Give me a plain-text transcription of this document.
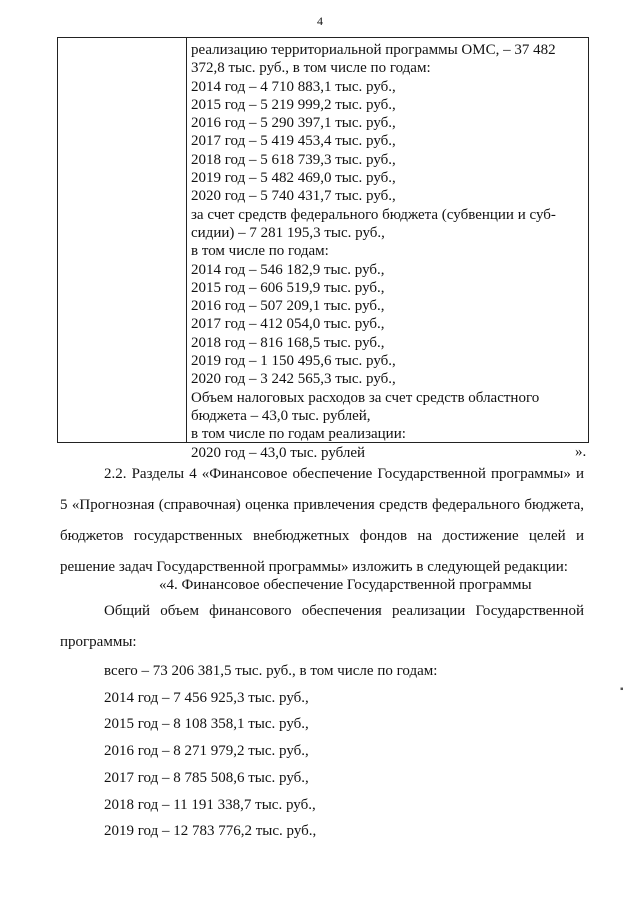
4
реализацию территориальной программы ОМС, – 37 482
372,8 тыс. руб., в том числе по годам:
2014 год – 4 710 883,1 тыс. руб.,
2015 год – 5 219 999,2 тыс. руб.,
2016 год – 5 290 397,1 тыс. руб.,
2017 год – 5 419 453,4 тыс. руб.,
2018 год – 5 618 739,3 тыс. руб.,
2019 год – 5 482 469,0 тыс. руб.,
2020 год – 5 740 431,7 тыс. руб.,
за счет средств федерального бюджета (субвенции и суб-
сидии) – 7 281 195,3 тыс. руб.,
в том числе по годам:
2014 год – 546 182,9 тыс. руб.,
2015 год – 606 519,9 тыс. руб.,
2016 год – 507 209,1 тыс. руб.,
2017 год – 412 054,0 тыс. руб.,
2018 год – 816 168,5 тыс. руб.,
2019 год – 1 150 495,6 тыс. руб.,
2020 год – 3 242 565,3 тыс. руб.,
Объем налоговых расходов за счет средств областного
бюджета – 43,0 тыс. рублей,
в том числе по годам реализации:
2020 год – 43,0 тыс. рублей	».
2.2. Разделы 4 «Финансовое обеспечение Государственной программы» и 5 «Прогнозная (справочная) оценка привлечения средств федерального бюджета, бюджетов государственных внебюджетных фондов на достижение целей и решение задач Государственной программы» изложить в следующей редакции:
«4. Финансовое обеспечение Государственной программы
Общий объем финансового обеспечения реализации Государственной программы:
всего – 73 206 381,5 тыс. руб., в том числе по годам:
2014 год – 7 456 925,3 тыс. руб.,
2015 год – 8 108 358,1 тыс. руб.,
2016 год – 8 271 979,2 тыс. руб.,
2017 год – 8 785 508,6 тыс. руб.,
2018 год – 11 191 338,7 тыс. руб.,
2019 год – 12 783 776,2 тыс. руб.,
▪
